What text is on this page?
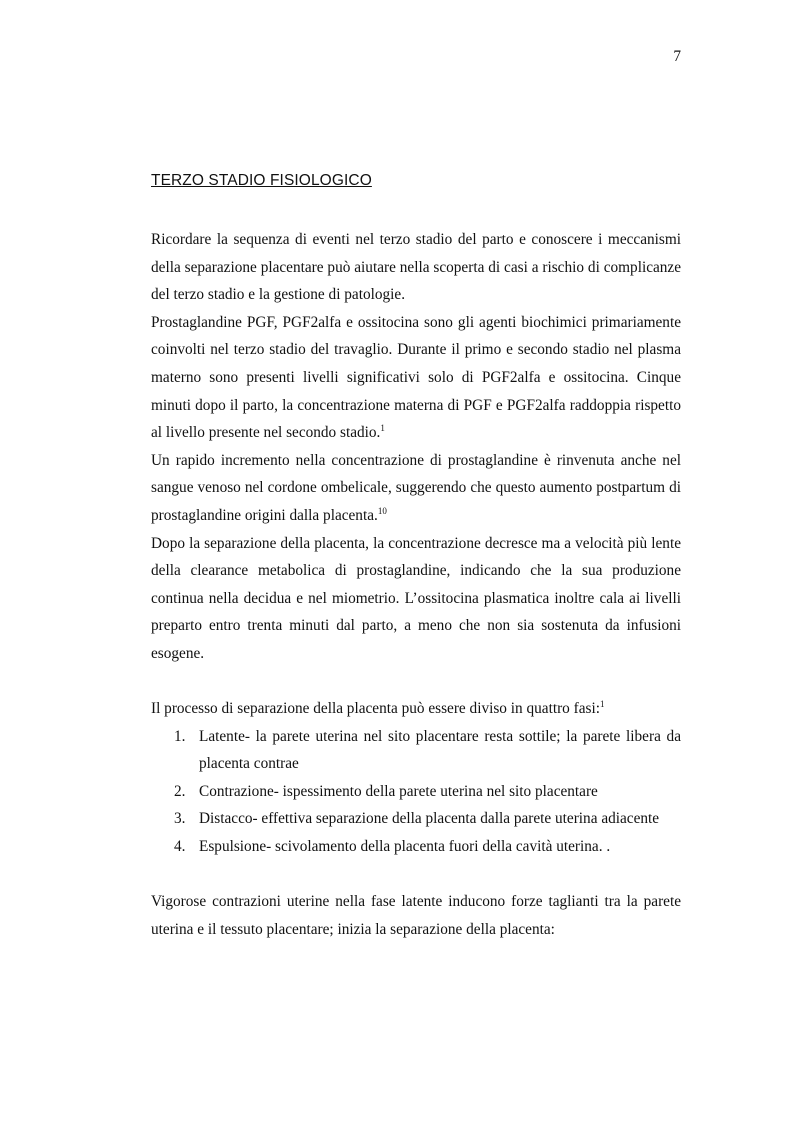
7
TERZO STADIO FISIOLOGICO

Ricordare la sequenza di eventi nel terzo stadio del parto e conoscere i meccanismi della separazione placentare può aiutare nella scoperta di casi a rischio di complicanze del terzo stadio e la gestione di patologie.

Prostaglandine PGF, PGF2alfa e ossitocina sono gli agenti biochimici primariamente coinvolti nel terzo stadio del travaglio. Durante il primo e secondo stadio nel plasma materno sono presenti livelli significativi solo di PGF2alfa e ossitocina. Cinque minuti dopo il parto, la concentrazione materna di PGF e PGF2alfa raddoppia rispetto al livello presente nel secondo stadio.$^1$

Un rapido incremento nella concentrazione di prostaglandine è rinvenuta anche nel sangue venoso nel cordone ombelicale, suggerendo che questo aumento postpartum di prostaglandine origini dalla placenta.$^{10}$

Dopo la separazione della placenta, la concentrazione decresce ma a velocità più lente della clearance metabolica di prostaglandine, indicando che la sua produzione continua nella decidua e nel miometrio. L’ossitocina plasmatica inoltre cala ai livelli preparto entro trenta minuti dal parto, a meno che non sia sostenuta da infusioni esogene.

Il processo di separazione della placenta può essere diviso in quattro fasi:$^1$

1. Latente- la parete uterina nel sito placentare resta sottile; la parete libera da placenta contrae
2. Contrazione- ispessimento della parete uterina nel sito placentare
3. Distacco- effettiva separazione della placenta dalla parete uterina adiacente
4. Espulsione- scivolamento della placenta fuori della cavità uterina. .

Vigorose contrazioni uterine nella fase latente inducono forze taglianti tra la parete uterina e il tessuto placentare; inizia la separazione della placenta:
